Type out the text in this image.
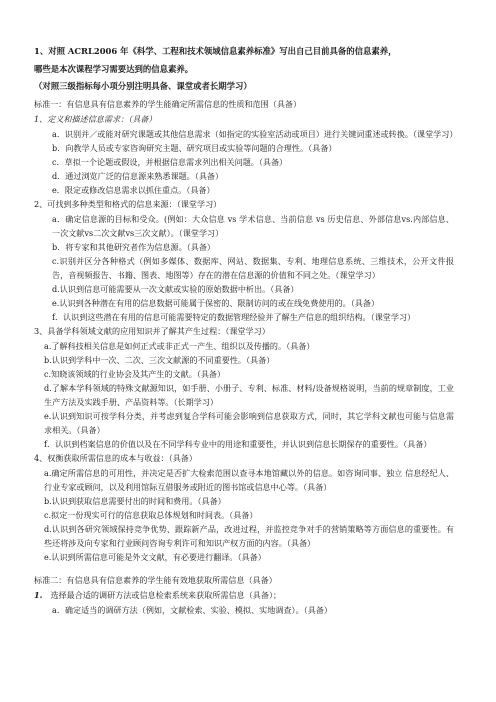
1、对照 ACRL2006 年《科学、工程和技术领域信息素养标准》写出自己目前具备的信息素养，

哪些是本次课程学习需要达到的信息素养。

（对照三级指标每小项分别注明具备、课堂或者长期学习）

标准一：有信息具有信息素养的学生能确定所需信息的性质和范围（具备）

1、定义和描述信息需求：（具备）

a．识别并／或能对研究课题或其他信息需求（如指定的实验室活动或项目）进行关键词重述或转换。（课堂学习）

b．向教学人员或专家咨询研究主题、研究项目或实验等问题的合理性。（具备）

c．草拟一个论题或假设，并根据信息需求列出相关问题。（具备）

d．通过浏览广泛的信息源来熟悉课题。（具备）

e．限定或修改信息需求以抓住重点。（具备）

2、可找到多种类型和格式的信息来源：（课堂学习）

a．确定信息源的目标和受众。(例如：大众信息 vs 学术信息、当前信息 vs 历史信息、外部信息vs.内部信息、一次文献vs二次文献vs三次文献）。（课堂学习）

b．将专家和其他研究者作为信息源。（具备）

c.识别并区分各种格式（例如多媒体、数据库、网站、数据集、专利、地理信息系统、三维技术，公开文件报告，音视频报告、书籍、图表、地图等）存在的潜在信息源的价值和不同之处。（课堂学习）

d.认识到信息可能需要从一次文献或实验的原始数据中析出。（具备）

e.认识到各种潜在有用的信息数据可能属于保密的、限制访问的或在线免费使用的。（具备）

f．认识到这些潜在有用的信息可能需要特定的数据管理经验并了解生产信息的组织结构。（课堂学习）

3、具备学科领域文献的应用知识并了解其产生过程：（课堂学习）

a.了解科技相关信息是如何正式或非正式一产生、组织以及传播的。（具备）

b.认识到学科中一次、二次、三次文献源的不同重要性。（具备）

c.知晓该领域的行业协会及其产生的文献。（具备）

d.了解本学科领域的特殊文献源知识，如手册、小册子、专利、标准、材料/设备规格说明，当前的规章制度，工业生产方法及实践手册、产品资料等。（长期学习）

e.认识到知识可按学科分类，并考虑到复合学科可能会影响到信息获取方式，同时，其它学科文献也可能与信息需求相关。（具备）

f．认识到档案信息的价值以及在不同学科专业中的用途和重要性，并认识到信息长期保存的重要性。（具备）

4、权衡获取所需信息的成本与收益：（具备）

a.确定所需信息的可用性，并决定是否扩大检索范围以查寻本地馆藏以外的信息。如咨询同事、独立 信息经纪人、行业专家或顾问，以及利用馆际互借服务或附近的图书馆或信息中心等。（具备）

b.认识到获取信息需要付出的时间和费用。（具备）

c.拟定一份现实可行的信息获取总体规划和时间表。（具备）

d.认识到各研究领域保持竞争优势、跟踪新产品，改进过程，并监控竞争对手的营销策略等方面信息的重要性。有些还将涉及向专家和行业顾问咨询专利许可和知识产权方面的内容。（具备）

e.认识到所需信息可能是外文文献，有必要进行翻译。（具备）

标准二：有信息具有信息素养的学生能有效地获取所需信息（具备）

1. 选择最合适的调研方法或信息检索系统来获取所需信息（具备）；

a．确定适当的调研方法（例如，文献检索、实验、模拟、实地调查）。（具备）
